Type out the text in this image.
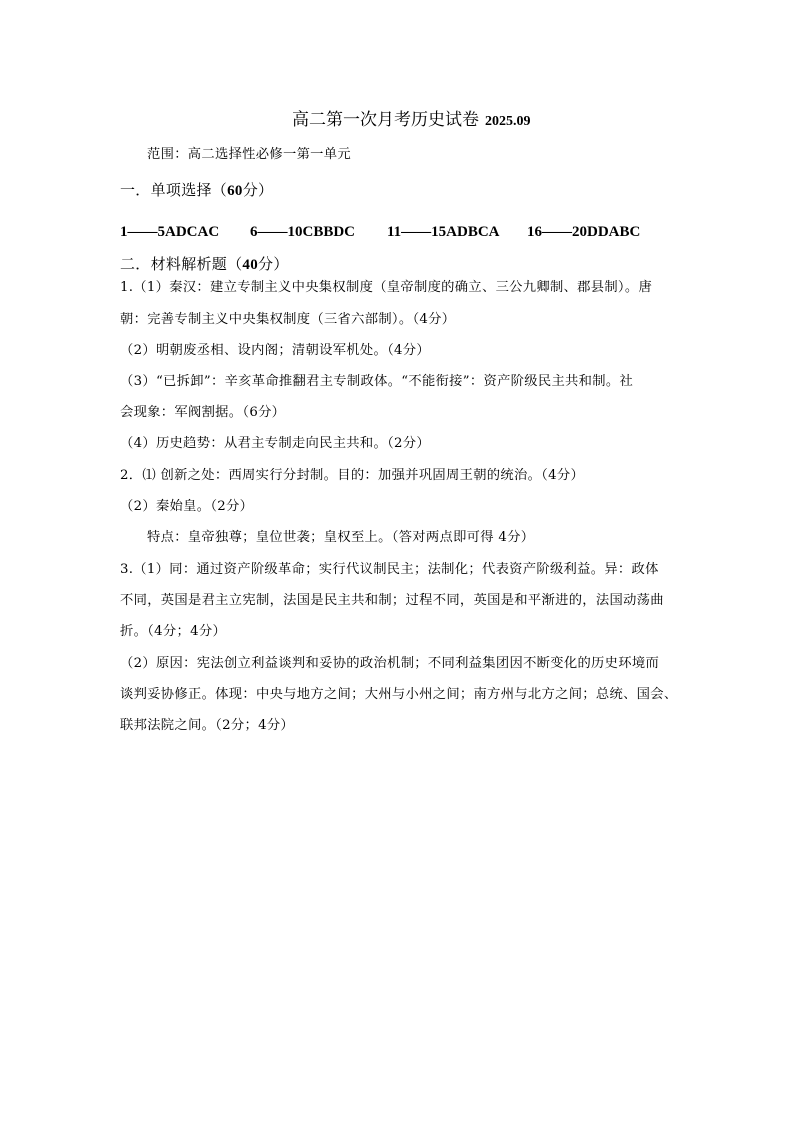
高二第一次月考历史试卷 2025.09
范围：高二选择性必修一第一单元
一．单项选择（60分）
1——5ADCAC 6——10CBBDC 11——15ADBCA 16——20DDABC
二．材料解析题（40分）
1.（1）秦汉：建立专制主义中央集权制度（皇帝制度的确立、三公九卿制、郡县制）。唐
朝：完善专制主义中央集权制度（三省六部制）。（4分）
（2）明朝废丞相、设内阁；清朝设军机处。（4分）
（3）“已拆卸”：辛亥革命推翻君主专制政体。“不能衔接”：资产阶级民主共和制。社
会现象：军阀割据。（6分）
（4）历史趋势：从君主专制走向民主共和。（2分）
2．⑴ 创新之处：西周实行分封制。目的：加强并巩固周王朝的统治。（4分）
（2）秦始皇。（2分）
特点：皇帝独尊；皇位世袭；皇权至上。（答对两点即可得 4分）
3.（1）同：通过资产阶级革命；实行代议制民主；法制化；代表资产阶级利益。异：政体
不同，英国是君主立宪制，法国是民主共和制；过程不同，英国是和平渐进的，法国动荡曲
折。（4分；4分）
（2）原因：宪法创立利益谈判和妥协的政治机制；不同利益集团因不断变化的历史环境而
谈判妥协修正。体现：中央与地方之间；大州与小州之间；南方州与北方之间；总统、国会、
联邦法院之间。（2分；4分）
